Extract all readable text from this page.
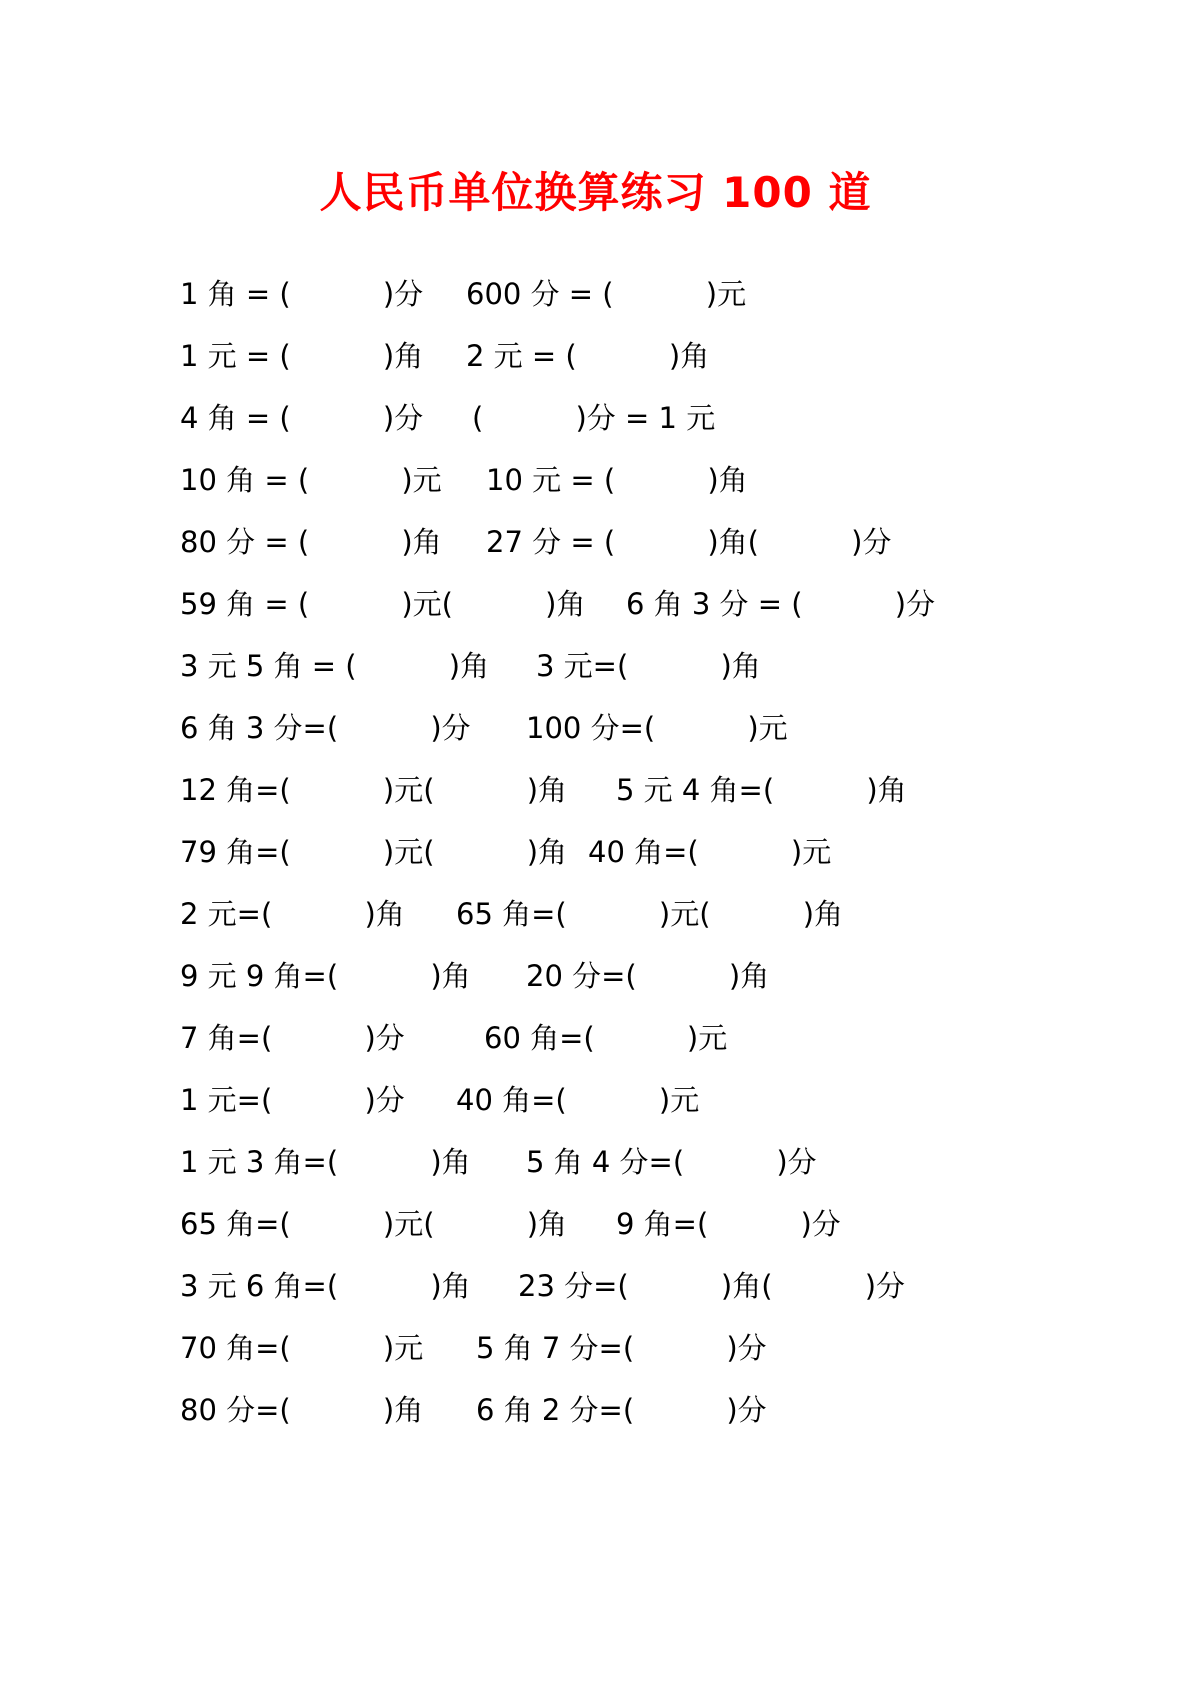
人民币单位换算练习 100 道
1 角 = (          )分 600 分 = (          )元
1 元 = (          )角 2 元 = (          )角
4 角 = (          )分 (          )分 = 1 元
10 角 = (          )元 10 元 = (          )角
80 分 = (          )角 27 分 = (          )角(          )分
59 角 = (          )元(          )角 6 角 3 分 = (          )分
3 元 5 角 = (          )角 3 元=(          )角
6 角 3 分=(          )分 100 分=(          )元
12 角=(          )元(          )角 5 元 4 角=(          )角
79 角=(          )元(          )角 40 角=(          )元
2 元=(          )角 65 角=(          )元(          )角
9 元 9 角=(          )角 20 分=(          )角
7 角=(          )分	60 角=(          )元
1 元=(          )分 40 角=(          )元
1 元 3 角=(          )角 5 角 4 分=(          )分
65 角=(          )元(          )角 9 角=(          )分
3 元 6 角=(          )角 23 分=(          )角(          )分
70 角=(          )元 5 角 7 分=(          )分
80 分=(          )角 6 角 2 分=(          )分
